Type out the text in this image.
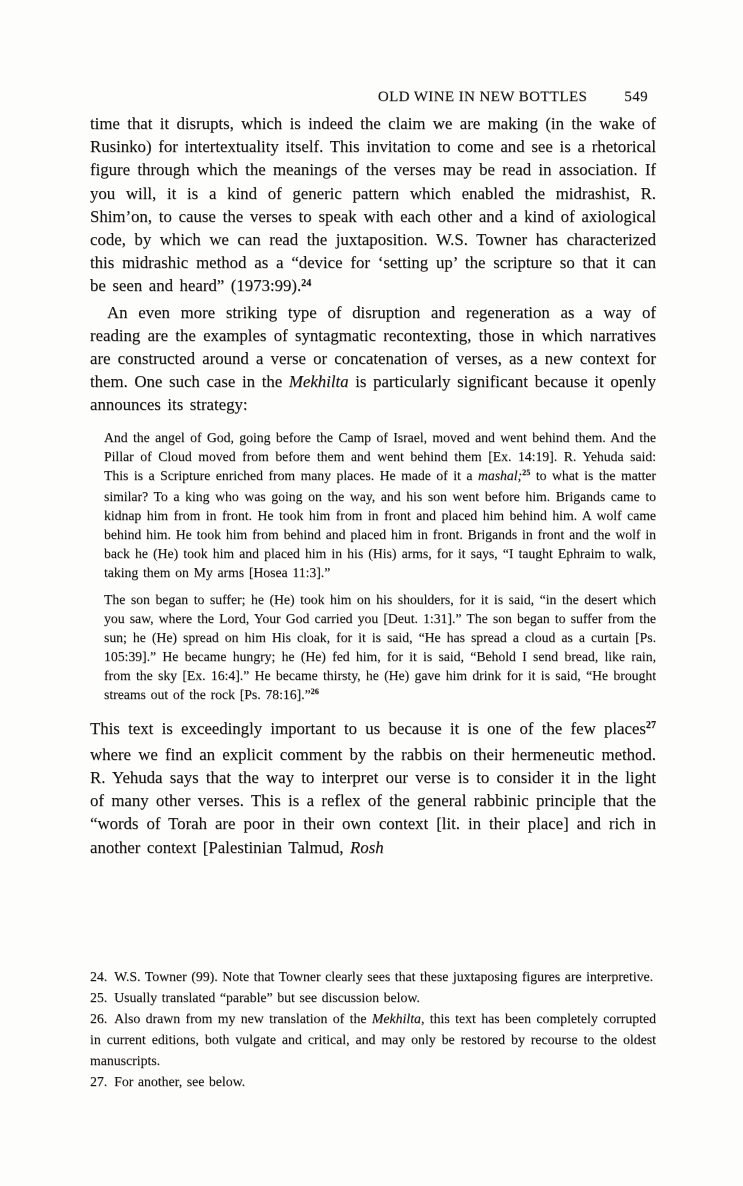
OLD WINE IN NEW BOTTLES 549

time that it disrupts, which is indeed the claim we are making (in the wake of Rusinko) for intertextuality itself. This invitation to come and see is a rhetorical figure through which the meanings of the verses may be read in association. If you will, it is a kind of generic pattern which enabled the midrashist, R. Shim’on, to cause the verses to speak with each other and a kind of axiological code, by which we can read the juxtaposition. W.S. Towner has characterized this midrashic method as a “device for ‘setting up’ the scripture so that it can be seen and heard” (1973:99).$^{24}$

An even more striking type of disruption and regeneration as a way of reading are the examples of syntagmatic recontexting, those in which narratives are constructed around a verse or concatenation of verses, as a new context for them. One such case in the Mekhilta is particularly significant because it openly announces its strategy:

And the angel of God, going before the Camp of Israel, moved and went behind them. And the Pillar of Cloud moved from before them and went behind them [Ex. 14:19]. R. Yehuda said: This is a Scripture enriched from many places. He made of it a mashal;$^{25}$ to what is the matter similar? To a king who was going on the way, and his son went before him. Brigands came to kidnap him from in front. He took him from in front and placed him behind him. A wolf came behind him. He took him from behind and placed him in front. Brigands in front and the wolf in back he (He) took him and placed him in his (His) arms, for it says, “I taught Ephraim to walk, taking them on My arms [Hosea 11:3].”

The son began to suffer; he (He) took him on his shoulders, for it is said, “in the desert which you saw, where the Lord, Your God carried you [Deut. 1:31].” The son began to suffer from the sun; he (He) spread on him His cloak, for it is said, “He has spread a cloud as a curtain [Ps. 105:39].” He became hungry; he (He) fed him, for it is said, “Behold I send bread, like rain, from the sky [Ex. 16:4].” He became thirsty, he (He) gave him drink for it is said, “He brought streams out of the rock [Ps. 78:16].”$^{26}$

This text is exceedingly important to us because it is one of the few places$^{27}$ where we find an explicit comment by the rabbis on their hermeneutic method. R. Yehuda says that the way to interpret our verse is to consider it in the light of many other verses. This is a reflex of the general rabbinic principle that the “words of Torah are poor in their own context [lit. in their place] and rich in another context [Palestinian Talmud, Rosh

24.  W.S. Towner (99). Note that Towner clearly sees that these juxtaposing figures are interpretive.

25.  Usually translated “parable” but see discussion below.

26.  Also drawn from my new translation of the Mekhilta, this text has been completely corrupted in current editions, both vulgate and critical, and may only be restored by recourse to the oldest manuscripts.

27.  For another, see below.
